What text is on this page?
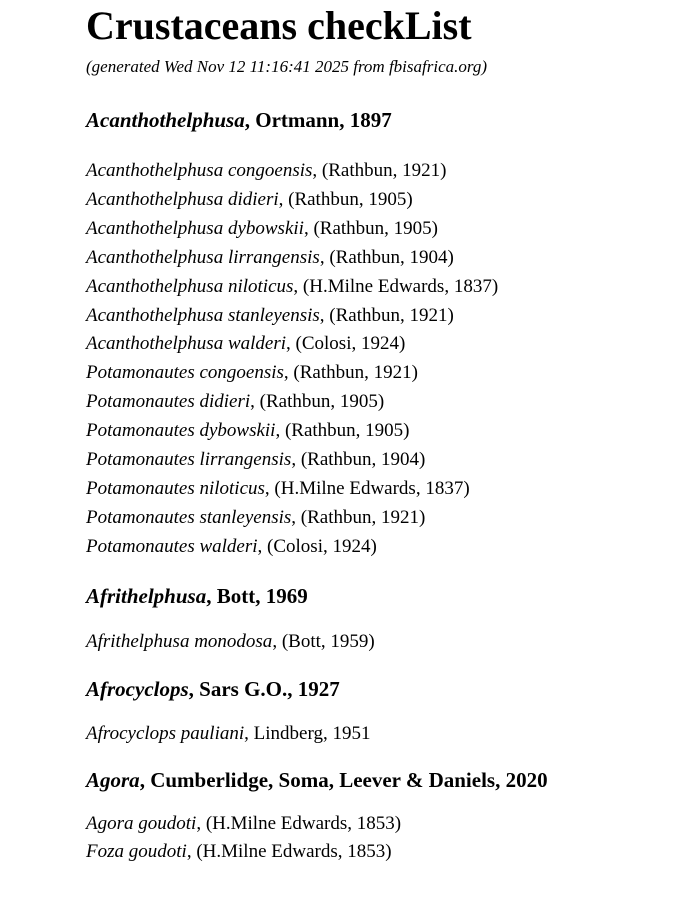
Crustaceans checkList
(generated Wed Nov 12 11:16:41 2025 from fbisafrica.org)
Acanthothelphusa, Ortmann, 1897
Acanthothelphusa congoensis, (Rathbun, 1921)
Acanthothelphusa didieri, (Rathbun, 1905)
Acanthothelphusa dybowskii, (Rathbun, 1905)
Acanthothelphusa lirrangensis, (Rathbun, 1904)
Acanthothelphusa niloticus, (H.Milne Edwards, 1837)
Acanthothelphusa stanleyensis, (Rathbun, 1921)
Acanthothelphusa walderi, (Colosi, 1924)
Potamonautes congoensis, (Rathbun, 1921)
Potamonautes didieri, (Rathbun, 1905)
Potamonautes dybowskii, (Rathbun, 1905)
Potamonautes lirrangensis, (Rathbun, 1904)
Potamonautes niloticus, (H.Milne Edwards, 1837)
Potamonautes stanleyensis, (Rathbun, 1921)
Potamonautes walderi, (Colosi, 1924)
Afrithelphusa, Bott, 1969
Afrithelphusa monodosa, (Bott, 1959)
Afrocyclops, Sars G.O., 1927
Afrocyclops pauliani, Lindberg, 1951
Agora, Cumberlidge, Soma, Leever & Daniels, 2020
Agora goudoti, (H.Milne Edwards, 1853)
Foza goudoti, (H.Milne Edwards, 1853)
